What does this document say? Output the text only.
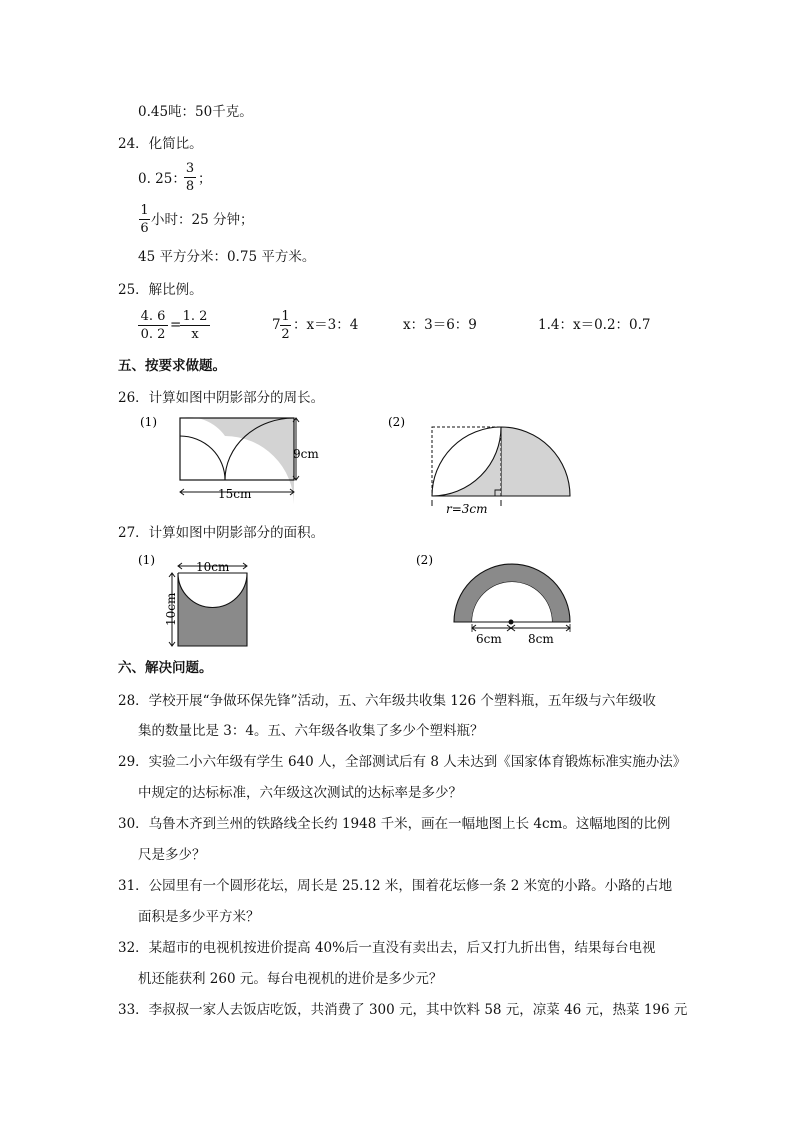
0.45吨：50千克。
24．化简比。
0. 25：
3
8 ；
1
6
小时：25 分钟；
45 平方分米：0.75 平方米。
25．解比例。
4. 6
0. 2
=
1. 2
x
7
1
2
：x＝3：4	x：3＝6：9	1.4：x＝0.2：0.7
五、按要求做题。
26．计算如图中阴影部分的周长。
(1)
9cm
15cm
(2)
r=3cm
27．计算如图中阴影部分的面积。
(1)	10cm
10cm
(2)
6cm 8cm
六、解决问题。
28．学校开展“争做环保先锋”活动，五、六年级共收集 126 个塑料瓶，五年级与六年级收
集的数量比是 3：4。五、六年级各收集了多少个塑料瓶？
29．实验二小六年级有学生 640 人，全部测试后有 8 人未达到《国家体育锻炼标准实施办法》
中规定的达标标准，六年级这次测试的达标率是多少？
30．乌鲁木齐到兰州的铁路线全长约 1948 千米，画在一幅地图上长 4cm。这幅地图的比例
尺是多少？
31．公园里有一个圆形花坛，周长是 25.12 米，围着花坛修一条 2 米宽的小路。小路的占地
面积是多少平方米？
32．某超市的电视机按进价提高 40%后一直没有卖出去，后又打九折出售，结果每台电视
机还能获利 260 元。每台电视机的进价是多少元？
33．李叔叔一家人去饭店吃饭，共消费了 300 元，其中饮料 58 元，凉菜 46 元，热菜 196 元
